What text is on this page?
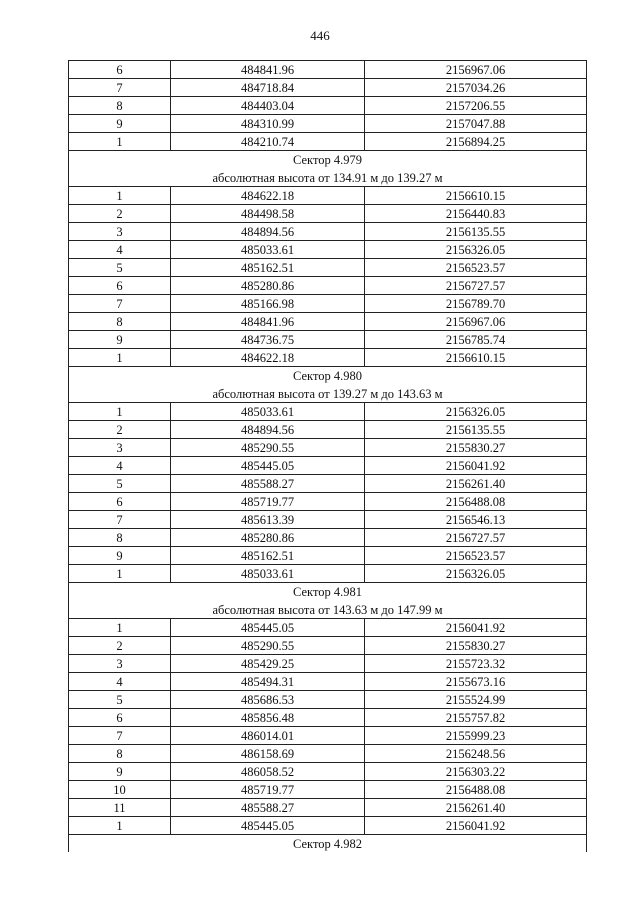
446
6	484841.96	2156967.06
7	484718.84	2157034.26
8	484403.04	2157206.55
9	484310.99	2157047.88
1	484210.74	2156894.25
Сектор 4.979		
абсолютная высота от 134.91 м до 139.27 м		
1	484622.18	2156610.15
2	484498.58	2156440.83
3	484894.56	2156135.55
4	485033.61	2156326.05
5	485162.51	2156523.57
6	485280.86	2156727.57
7	485166.98	2156789.70
8	484841.96	2156967.06
9	484736.75	2156785.74
1	484622.18	2156610.15
Сектор 4.980		
абсолютная высота от 139.27 м до 143.63 м		
1	485033.61	2156326.05
2	484894.56	2156135.55
3	485290.55	2155830.27
4	485445.05	2156041.92
5	485588.27	2156261.40
6	485719.77	2156488.08
7	485613.39	2156546.13
8	485280.86	2156727.57
9	485162.51	2156523.57
1	485033.61	2156326.05
Сектор 4.981		
абсолютная высота от 143.63 м до 147.99 м		
1	485445.05	2156041.92
2	485290.55	2155830.27
3	485429.25	2155723.32
4	485494.31	2155673.16
5	485686.53	2155524.99
6	485856.48	2155757.82
7	486014.01	2155999.23
8	486158.69	2156248.56
9	486058.52	2156303.22
10	485719.77	2156488.08
11	485588.27	2156261.40
1	485445.05	2156041.92
Сектор 4.982		
